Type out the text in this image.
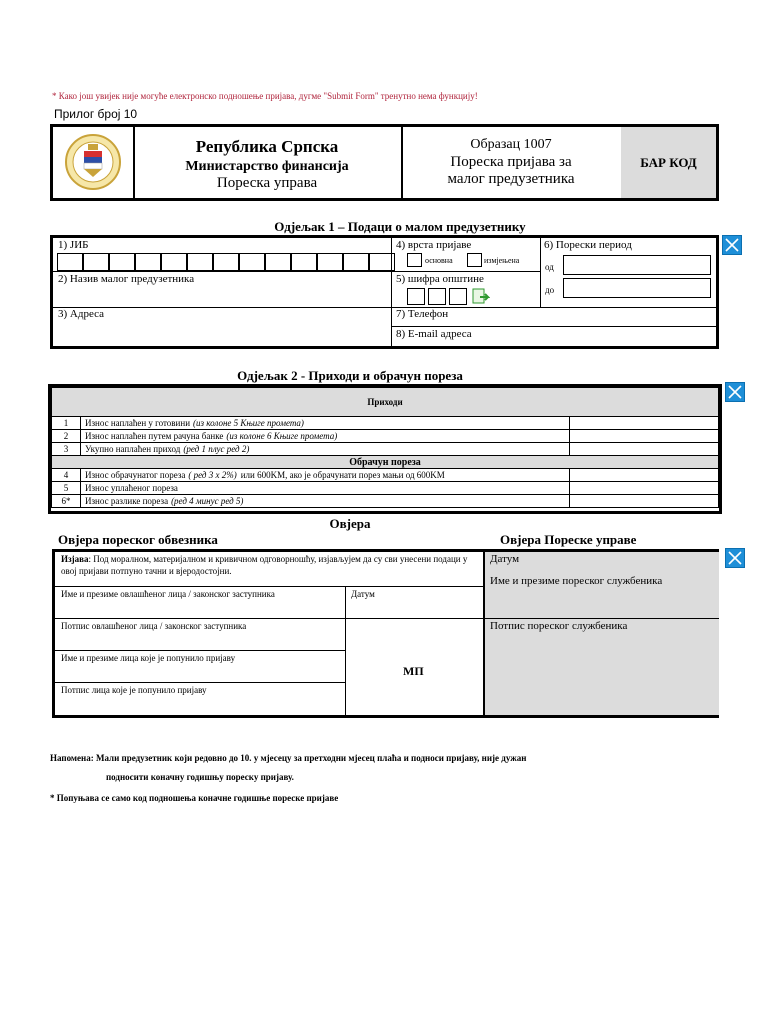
* Како још увијек није могуће електронско подношење пријава, дугме "Submit Form" тренутно нема функцију!
Прилог број 10
Република Српска
Министарство финансија
Пореска управа
Образац 1007
Пореска пријава за
малог предузетника
БАР КОД
Одјељак 1 – Подаци о малом предузетнику
1) ЈИБ
2) Назив малог предузетника
3) Адреса
4) врста пријаве
основна	измјењена
5) шифра општине
6) Порески период
од
до
7) Телефон
8) E-mail адреса
Одјељак 2 - Приходи и обрачун пореза
Приходи		
1	Износ наплаћен у готовини (из колоне 5 Књиге промета)	
2	Износ наплаћен путем рачуна банке (из колоне 6 Књиге промета)	
3	Укупно наплаћен приход (ред 1 плус ред 2)	
Обрачун пореза		
4	Износ обрачунатог пореза ( ред 3 x 2%) или 600KM, ако је обрачунати порез мањи од 600KM	
5	Износ уплаћеног пореза	
6*	Износ разлике пореза (ред 4 минус ред 5)	
Овјера
Овјера пореског обвезника	Овјера Пореске управе
Изјава: Под моралном, материјалном и кривичном одговорношћу, изјављујем да су сви унесени подаци у овој пријави потпуно тачни и вјеродостојни.
Име и презиме овлашћеног лица / законског заступника	Датум
Потпис овлашћеног лица / законског заступника
Име и презиме лица које је попунило пријаву
Потпис лица које је попунило пријаву
МП
Датум
Име и презиме пореског службеника
Потпис пореског службеника
Напомена: Мали предузетник који редовно до 10. у мјесецу за претходни мјесец плаћа и подноси пријаву, није дужан
подносити коначну годишњу пореску пријаву.
* Попуњава се само код подношења коначне годишње пореске пријаве
